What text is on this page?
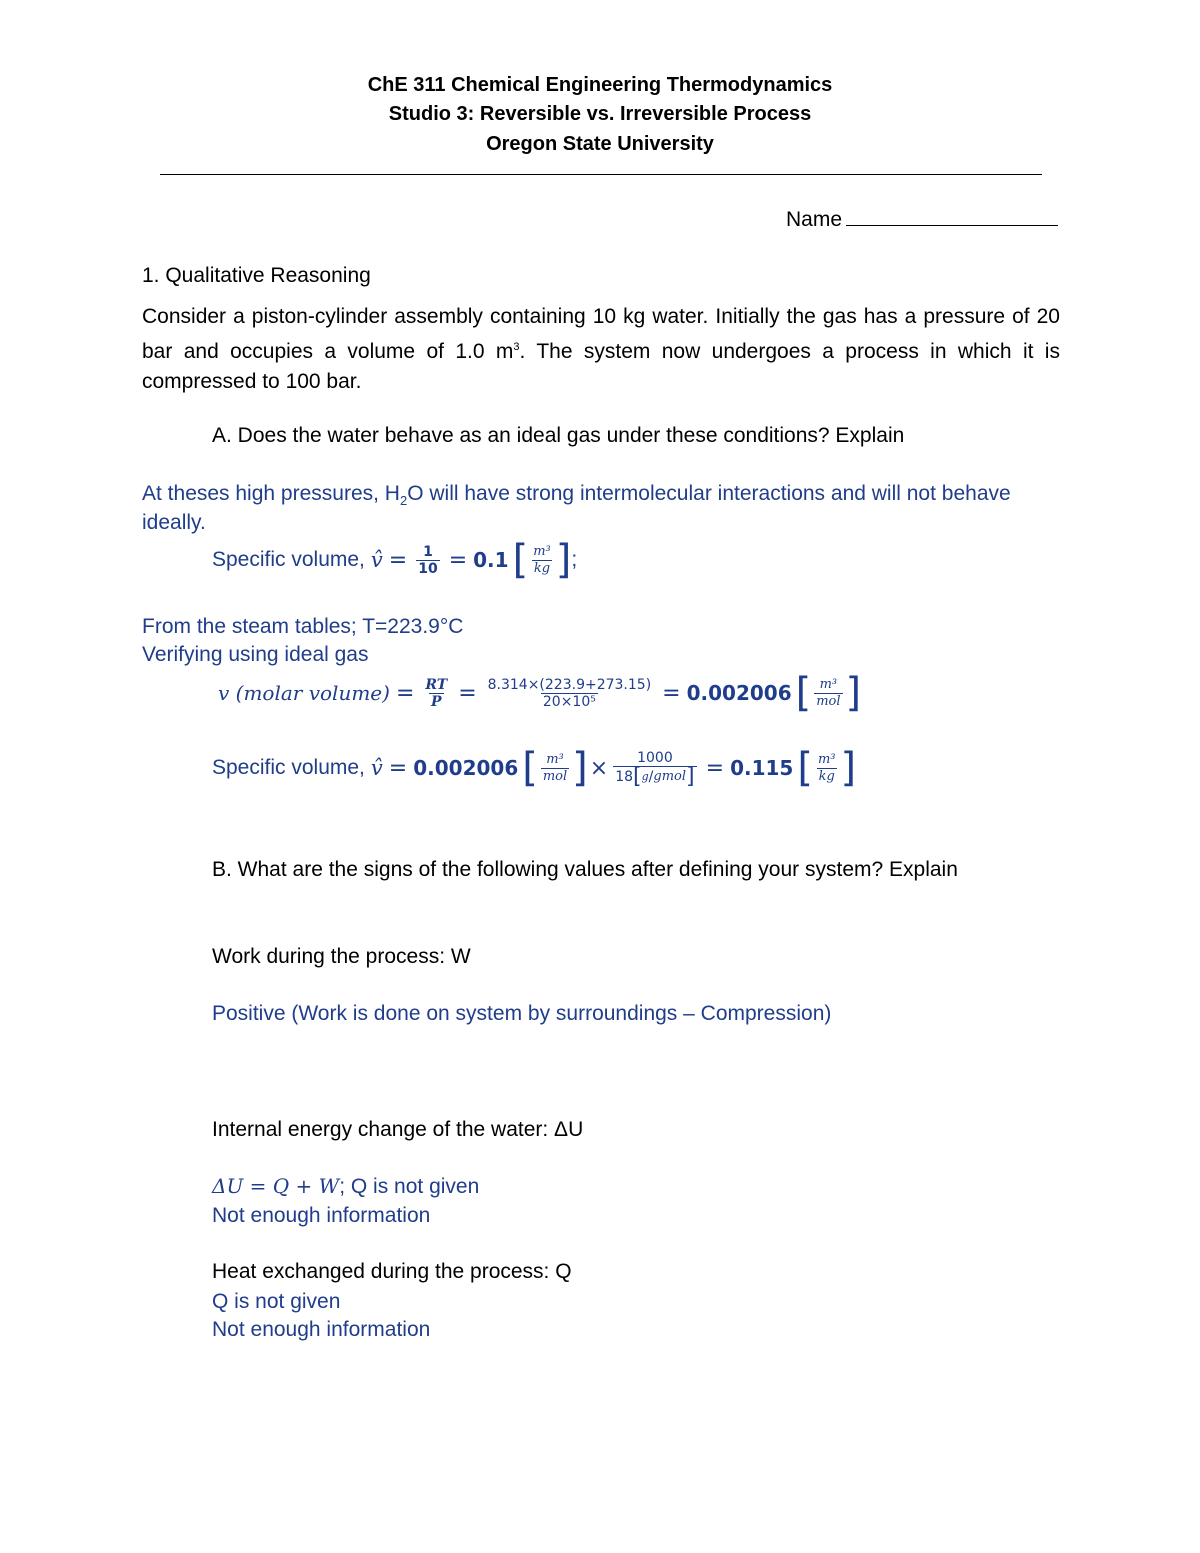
ChE 311 Chemical Engineering Thermodynamics
Studio 3: Reversible vs. Irreversible Process
Oregon State University
Name
1. Qualitative Reasoning
Consider a piston-cylinder assembly containing 10 kg water. Initially the gas has a pressure of 20 bar and occupies a volume of 1.0 $m^3$. The system now undergoes a process in which it is compressed to 100 bar.
A. Does the water behave as an ideal gas under these conditions? Explain
At theses high pressures, $H_2O$ will have strong intermolecular interactions and will not behave
ideally.
Specific volume, v̂ = $\frac{1}{10} = 0.1$ [ $\frac{\text{m³}}{kg}$ ] ;
From the steam tables; T=223.9°C
Verifying using ideal gas
v (molar volume) = $\frac{RT}{P} = \frac{8.314\times(223.9+273.15)}{\text{20×10⁵}} = 0.002006$ [ $\frac{\text{m³}}{\text{mol}}$ ]
Specific volume, v̂ = 0.002006 [ $\frac{\text{m³}}{\text{mol}}$ ] × $\frac{1000}{\text{18 [ g / gmol ]}} = 0.115$ [ $\frac{\text{m³}}{kg}$ ]
B. What are the signs of the following values after defining your system? Explain
Work during the process: W
Positive (Work is done on system by surroundings – Compression)
Internal energy change of the water: ΔU
ΔU = Q + W; Q is not given
Not enough information
Heat exchanged during the process: Q
Q is not given
Not enough information
